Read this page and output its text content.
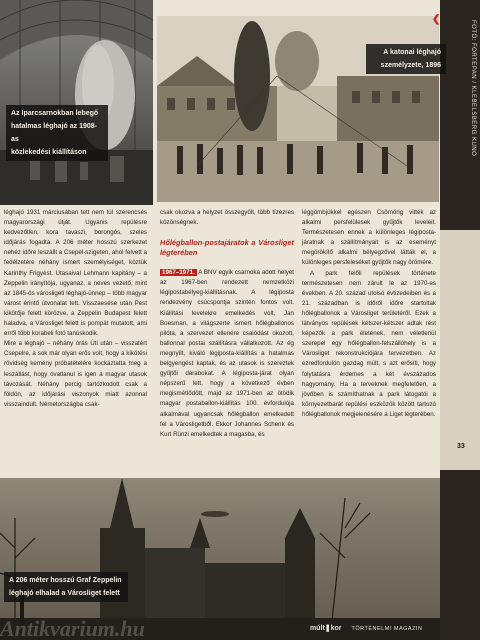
Az Iparcsarnokban lebegő
hatalmas léghajó az 1908-as
közlekedési kiállításon
A katonai léghajó
személyzete, 1896
❮
FOTÓ: FORTEPAN / KLEBELSBERG KUNO

léghajó 1931 márciusában tett nem túl szerencsés magyarországi útját. Ugyanis repülésre kedvezőtlen, kora tavaszi, borongós, szeles időjárás fogadta. A 206 méter hosszú szerkezet nehéz időre leszállt a Csepel-szigeten, ahol felvett a fedélzetére néhány ismert személyiséget, köztük Karinthy Frigyest. Utasaival Lehmann kapitány – a Zeppelin irányítója, ugyanaz, a neves vezető, mint az 1845-ös városligeti léghajó-ünnep – több magyar várost érintő útvonalat tett. Visszaesése után Pest kikötője felett körözve, a Zeppelin Budapest felett haladva, a Városliget felett is pompát mutatott, ami erről több korabeli fotó tanúskodik.

Mire a léghajó – néhány órás Úti után – visszatért Csepelre, a sok már olyan erős volt, hogy a kikötési rövidség kemény próbatételére kockáztatta meg a leszállást, hogy óvatlanul is igen a magyar utasok távozását. Néhány percig tartózkodott csak a földön, az időjárási viszonyok miatt azonnal visszaindult. Németországba csak-

csak okozva a helyzet összegyűlt, több tízezres közönségnek.

Hőlégballon-postajáratok a Városliget légterében

1967–1971. A BNV egyik csarnoka adott helyet az 1967-ben rendezett nemzetközi légipostabélyeg-kiállításnak. A légiposta rendezvény csúcspontja szintén fontos volt. Kiállítási levelekre emelkedés volt, Jan Boesman, a világszerte ismert hőlégballonos pilóta, a szervezet ellenére csalódást okozott, ballonnal postai szállításra vállalkozott. Az ég megnyílt, kiváló légiposta-kiállítás a hatalmas belgyengést kaptak, és az utasok is szereztek gyűjtői darabokat. A légiposta-járat olyan népszerű lett, hogy a következő évben megismétlődött, majd az 1971-ben az ötödik magyar postaballon-kiállítás 100. évfordulója alkalmával ugyancsak hőlégballon emelkedett fel a Városligetből. Ekkor Johannes Schenk és Kurt Rünzi emelkedtek a magasba, és

léggömbjükkel egészen Csömörig vitték az alkalmi persfelülesek gyűjtők leveleit. Természetesen ennek a különleges légiposta-járatnak a szállítmányait is az eseményt megörökítő alkalmi bélyegzővel látták el, a különleges persfeleséket gyűjtők nagy örömére.

A park felőli repülések története természetesen nem zárult le az 1970-es években. A 20. század utolsó évtizedeiben és a 21. században is időről időre startoltak hőlégballonok a Városliget területéről. Ezek a látványos repülések kétszer-kétszer adtak rést képezők a park életének, nem véletlenül szerepel egy hőlégballon-felszállóhely is a Városliget rekonstrukciójára tervezetben. Az ezredfordulón gazdag múlt, s azt erősíti, hogy folytatásra érdemes a két évszázados hagyomány. Ha a terveknek megfelelően, a jövőben is számíthatnak a park látogatói a környezetbarát repülési eszközök között tartozó hőlégballonok megjelenésére a Liget légterében.

33
A 206 méter hosszú Graf Zeppelin
léghajó elhalad a Városliget felett
Antikvarium.hu	múlt❚kor TÖRTÉNELMI MAGAZIN
